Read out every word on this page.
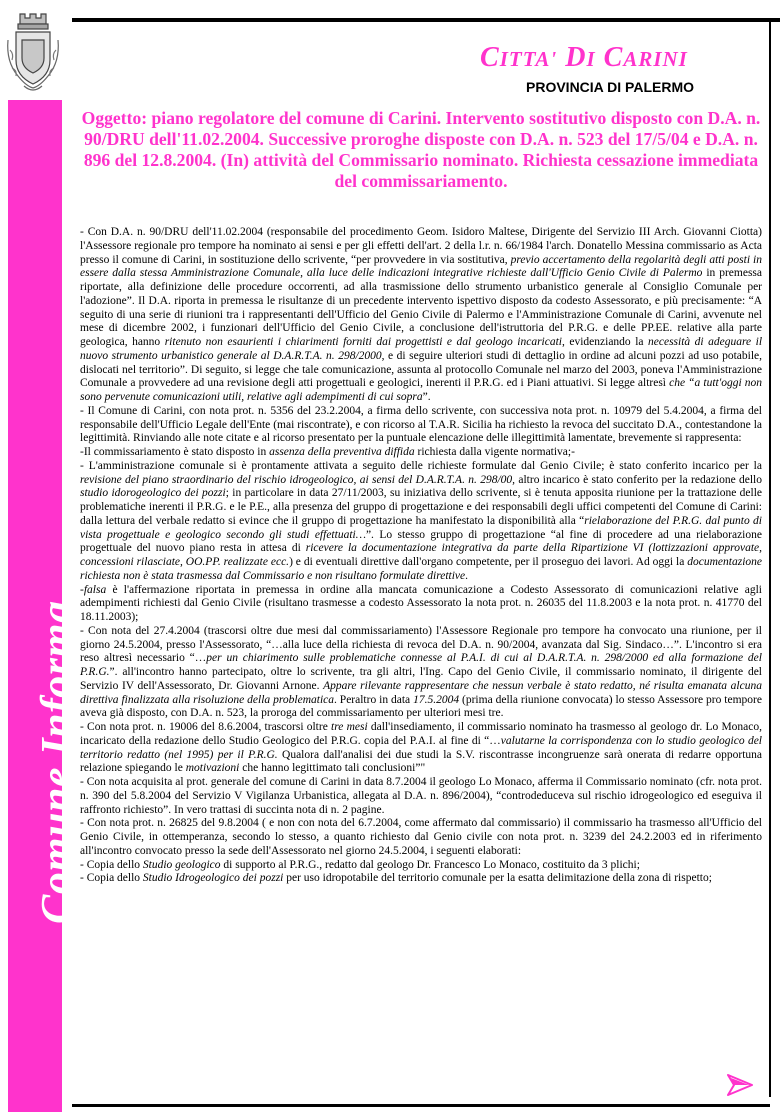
Comune Informa
CITTA' DI CARINI
PROVINCIA DI PALERMO
Oggetto: piano regolatore del comune di Carini. Intervento sostitutivo disposto con D.A. n. 90/DRU dell'11.02.2004. Successive proroghe disposte con D.A. n. 523 del 17/5/04 e D.A. n. 896 del 12.8.2004. (In) attività del Commissario nominato. Richiesta cessazione immediata del commissariamento.

- Con D.A. n. 90/DRU dell'11.02.2004 (responsabile del procedimento Geom. Isidoro Maltese, Dirigente del Servizio III Arch. Giovanni Ciotta) l'Assessore regionale pro tempore ha nominato ai sensi e per gli effetti dell'art. 2 della l.r. n. 66/1984 l'arch. Donatello Messina commissario as Acta presso il comune di Carini, in sostituzione dello scrivente, “per provvedere in via sostitutiva, previo accertamento della regolarità degli atti posti in essere dalla stessa Amministrazione Comunale, alla luce delle indicazioni integrative richieste dall'Ufficio Genio Civile di Palermo in premessa riportate, alla definizione delle procedure occorrenti, ad alla trasmissione dello strumento urbanistico generale al Consiglio Comunale per l'adozione”. Il D.A. riporta in premessa le risultanze di un precedente intervento ispettivo disposto da codesto Assessorato, e più precisamente: “A seguito di una serie di riunioni tra i rappresentanti dell'Ufficio del Genio Civile di Palermo e l'Amministrazione Comunale di Carini, avvenute nel mese di dicembre 2002, i funzionari dell'Ufficio del Genio Civile, a conclusione dell'istruttoria del P.R.G. e delle PP.EE. relative alla parte geologica, hanno ritenuto non esaurienti i chiarimenti forniti dai progettisti e dal geologo incaricati, evidenziando la necessità di adeguare il nuovo strumento urbanistico generale al D.A.R.T.A. n. 298/2000, e di seguire ulteriori studi di dettaglio in ordine ad alcuni pozzi ad uso potabile, dislocati nel territorio”. Di seguito, si legge che tale comunicazione, assunta al protocollo Comunale nel marzo del 2003, poneva l'Amministrazione Comunale a provvedere ad una revisione degli atti progettuali e geologici, inerenti il P.R.G. ed i Piani attuativi. Si legge altresì che “a tutt'oggi non sono pervenute comunicazioni utili, relative agli adempimenti di cui sopra”.

- Il Comune di Carini, con nota prot. n. 5356 del 23.2.2004, a firma dello scrivente, con successiva nota prot. n. 10979 del 5.4.2004, a firma del responsabile dell'Ufficio Legale dell'Ente (mai riscontrate), e con ricorso al T.A.R. Sicilia ha richiesto la revoca del succitato D.A., contestandone la legittimità. Rinviando alle note citate e al ricorso presentato per la puntuale elencazione delle illegittimità lamentate, brevemente si rappresenta:

-Il commissariamento è stato disposto in assenza della preventiva diffida richiesta dalla vigente normativa;-

- L'amministrazione comunale si è prontamente attivata a seguito delle richieste formulate dal Genio Civile; è stato conferito incarico per la revisione del piano straordinario del rischio idrogeologico, ai sensi del D.A.R.T.A. n. 298/00, altro incarico è stato conferito per la redazione dello studio idorogeologico dei pozzi; in particolare in data 27/11/2003, su iniziativa dello scrivente, si è tenuta apposita riunione per la trattazione delle problematiche inerenti il P.R.G. e le P.E., alla presenza del gruppo di progettazione e dei responsabili degli uffici competenti del Comune di Carini: dalla lettura del verbale redatto si evince che il gruppo di progettazione ha manifestato la disponibilità alla “rielaborazione del P.R.G. dal punto di vista progettuale e geologico secondo gli studi effettuati…”. Lo stesso gruppo di progettazione “al fine di procedere ad una rielaborazione progettuale del nuovo piano resta in attesa di ricevere la documentazione integrativa da parte della Ripartizione VI (lottizzazioni approvate, concessioni rilasciate, OO.PP. realizzate ecc.) e di eventuali direttive dall'organo competente, per il proseguo dei lavori. Ad oggi la documentazione richiesta non è stata trasmessa dal Commissario e non risultano formulate direttive.

-falsa è l'affermazione riportata in premessa in ordine alla mancata comunicazione a Codesto Assessorato di comunicazioni relative agli adempimenti richiesti dal Genio Civile (risultano trasmesse a codesto Assessorato la nota prot. n. 26035 del 11.8.2003 e la nota prot. n. 41770 del 18.11.2003);

- Con nota del 27.4.2004 (trascorsi oltre due mesi dal commissariamento) l'Assessore Regionale pro tempore ha convocato una riunione, per il giorno 24.5.2004, presso l'Assessorato, “…alla luce della richiesta di revoca del D.A. n. 90/2004, avanzata dal Sig. Sindaco…”. L'incontro si era reso altresì necessario “…per un chiarimento sulle problematiche connesse al P.A.I. di cui al D.A.R.T.A. n. 298/2000 ed alla formazione del P.R.G.”. all'incontro hanno partecipato, oltre lo scrivente, tra gli altri, l'Ing. Capo del Genio Civile, il commissario nominato, il dirigente del Servizio IV dell'Assessorato, Dr. Giovanni Arnone. Appare rilevante rappresentare che nessun verbale è stato redatto, né risulta emanata alcuna direttiva finalizzata alla risoluzione della problematica. Peraltro in data 17.5.2004 (prima della riunione convocata) lo stesso Assessore pro tempore aveva già disposto, con D.A. n. 523, la proroga del commissariamento per ulteriori mesi tre.

- Con nota prot. n. 19006 del 8.6.2004, trascorsi oltre tre mesi dall'insediamento, il commissario nominato ha trasmesso al geologo dr. Lo Monaco, incaricato della redazione dello Studio Geologico del P.R.G. copia del P.A.I. al fine di “…valutarne la corrispondenza con lo studio geologico del territorio redatto (nel 1995) per il P.R.G. Qualora dall'analisi dei due studi la S.V. riscontrasse incongruenze sarà onerata di redarre opportuna relazione spiegando le motivazioni che hanno legittimato tali conclusioni”"

- Con nota acquisita al prot. generale del comune di Carini in data 8.7.2004 il geologo Lo Monaco, afferma il Commissario nominato (cfr. nota prot. n. 390 del 5.8.2004 del Servizio V Vigilanza Urbanistica, allegata al D.A. n. 896/2004), “controdeduceva sul rischio idrogeologico ed eseguiva il raffronto richiesto”. In vero trattasi di succinta nota di n. 2 pagine.

- Con nota prot. n. 26825 del 9.8.2004 ( e non con nota del 6.7.2004, come affermato dal commissario) il commissario ha trasmesso all'Ufficio del Genio Civile, in ottemperanza, secondo lo stesso, a quanto richiesto dal Genio civile con nota prot. n. 3239 del 24.2.2003 ed in riferimento all'incontro convocato presso la sede dell'Assessorato nel giorno 24.5.2004, i seguenti elaborati:

- Copia dello Studio geologico di supporto al P.R.G., redatto dal geologo Dr. Francesco Lo Monaco, costituito da 3 plichi;

- Copia dello Studio Idrogeologico dei pozzi per uso idropotabile del territorio comunale per la esatta delimitazione della zona di rispetto;
